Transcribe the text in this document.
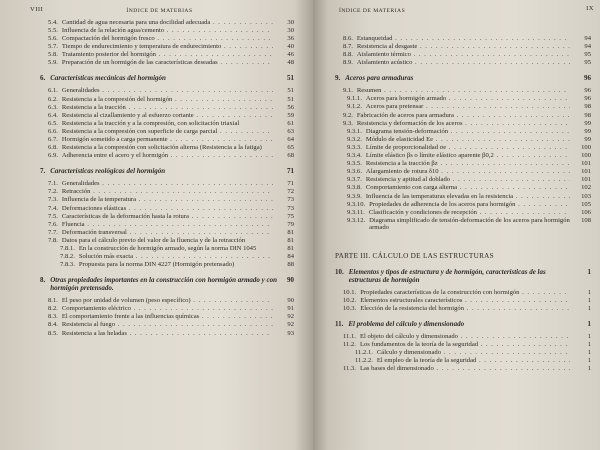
VIII	ÍNDICE DE MATERIAS
5.4. Cantidad de agua necesaria para una docilidad adecuada . . .	30
5.5. Influencia de la relación agua/cemento . . .	30
5.6. Compactación del hormigón fresco . . .	36
5.7. Tiempo de endurecimiento y temperatura de endurecimiento . . .	40
5.8. Tratamiento posterior del hormigón . . .	46
5.9. Preparación de un hormigón de las características deseadas . . .	48
6. Características mecánicas del hormigón	51
6.1. Generalidades . . .	51
6.2. Resistencia a la compresión del hormigón . . .	51
6.3. Resistencia a la tracción . . .	56
6.4. Resistencia al cizallamiento y al esfuerzo cortante . . .	59
6.5. Resistencia a la tracción y a la compresión, con solicitación triaxial	61
6.6. Resistencia a la compresión con superficie de carga parcial . . .	63
6.7. Hormigón sometido a carga permanente . . .	64
6.8. Resistencia a la compresión con solicitación alterna (Resistencia a la fatiga)	65
6.9. Adherencia entre el acero y el hormigón . . .	68
7. Características reológicas del hormigón	71
7.1. Generalidades . . .	71
7.2. Retracción . . .	72
7.3. Influencia de la temperatura . . .	73
7.4. Deformaciones elásticas . . .	73
7.5. Características de la deformación hasta la rotura . . .	75
7.6. Fluencia . . .	79
7.7. Deformación transversal . . .	81
7.8. Datos para el cálculo previo del valor de la fluencia y de la retracción	81
7.8.1. En la construcción de hormigón armado, según la norma DIN 1045	81
7.8.2. Solución más exacta . . .	84
7.8.3. Propuesta para la norma DIN 4227 (Hormigón pretensado)	88
8. Otras propiedades importantes en la construcción con hormigón armado y con hormigón pretensado.
90
8.1. El peso por unidad de volumen (peso específico) . . .	90
8.2. Comportamiento eléctrico . . .	91
8.3. El comportamiento frente a las influencias químicas . . .	92
8.4. Resistencia al fuego . . .	92
8.5. Resistencia a las heladas . . .	93
ÍNDICE DE MATERIAS	IX
8.6. Estanqueidad . . .	94
8.7. Resistencia al desgaste . . .	94
8.8. Aislamiento térmico . . .	95
8.9. Aislamiento acústico . . .	95
9. Aceros para armaduras	96
9.1. Resumen . . .	96
9.1.1. Aceros para hormigón armado . . .	96
9.1.2. Aceros para pretensar . . .	98
9.2. Fabricación de aceros para armadura . . .	98
9.3. Resistencia y deformación de los aceros . . .	99
9.3.1. Diagrama tensión-deformación . . .	99
9.3.2. Módulo de elasticidad Ee . . .	99
9.3.3. Límite de proporcionalidad σe . . .	100
9.3.4. Límite elástico βs o límite elástico aparente β0,2 . . .	100
9.3.5. Resistencia a la tracción βz . . .	101
9.3.6. Alargamiento de rotura δ10 . . .	101
9.3.7. Resistencia y aptitud al doblado . . .	101
9.3.8. Comportamiento con carga alterna . . .	102
9.3.9. Influencia de las temperaturas elevadas en la resistencia . . .	103
9.3.10. Propiedades de adherencia de los aceros para hormigón . . .	105
9.3.11. Clasificación y condiciones de recepción . . .	106
9.3.12. Diagrama simplificado de tensión-deformación de los aceros para hormigón armado
108
PARTE III. CÁLCULO DE LAS ESTRUCTURAS
10. Elementos y tipos de estructura y de hormigón, características de las estructuras de hormigón
1
10.1. Propiedades características de la construcción con hormigón . . .	1
10.2. Elementos estructurales característicos . . .	1
10.3. Elección de la resistencia del hormigón . . .	1
11. El problema del cálculo y dimensionado	1
11.1. El objeto del cálculo y dimensionado . . .	1
11.2. Los fundamentos de la teoría de la seguridad . . .	1
11.2.1. Cálculo y dimensionado . . .	1
11.2.2. El empleo de la teoría de la seguridad . . .	1
11.3. Las bases del dimensionado . . .	1
